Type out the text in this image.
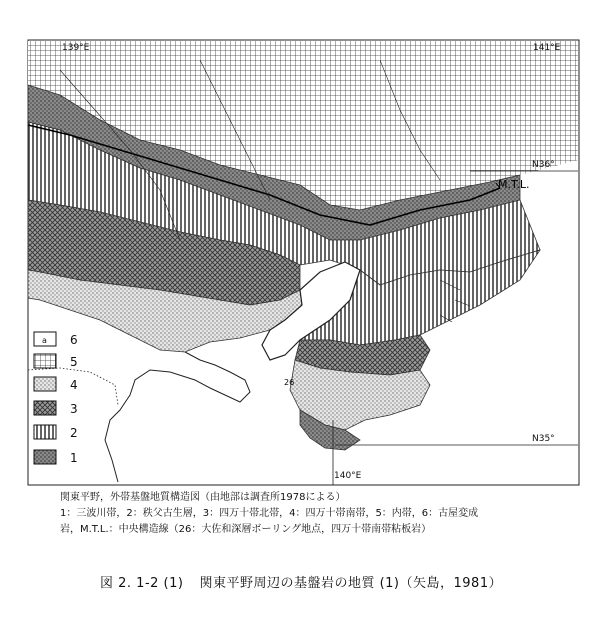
139°E	141°E
N36°
N35°
140°E
M.T.L.
26
a 6
5
4
3
2
1
関東平野，外帯基盤地質構造図（由地部は調査所1978による）
1：三波川帯，2：秩父古生層，3：四万十帯北帯，4：四万十帯南帯，5：内帯，6：古屋変成
岩，M.T.L.：中央構造線（26：大佐和深層ボーリング地点，四万十帯南帯粘板岩）
図 2. 1-2 (1) 関東平野周辺の基盤岩の地質 (1)（矢島，1981）
